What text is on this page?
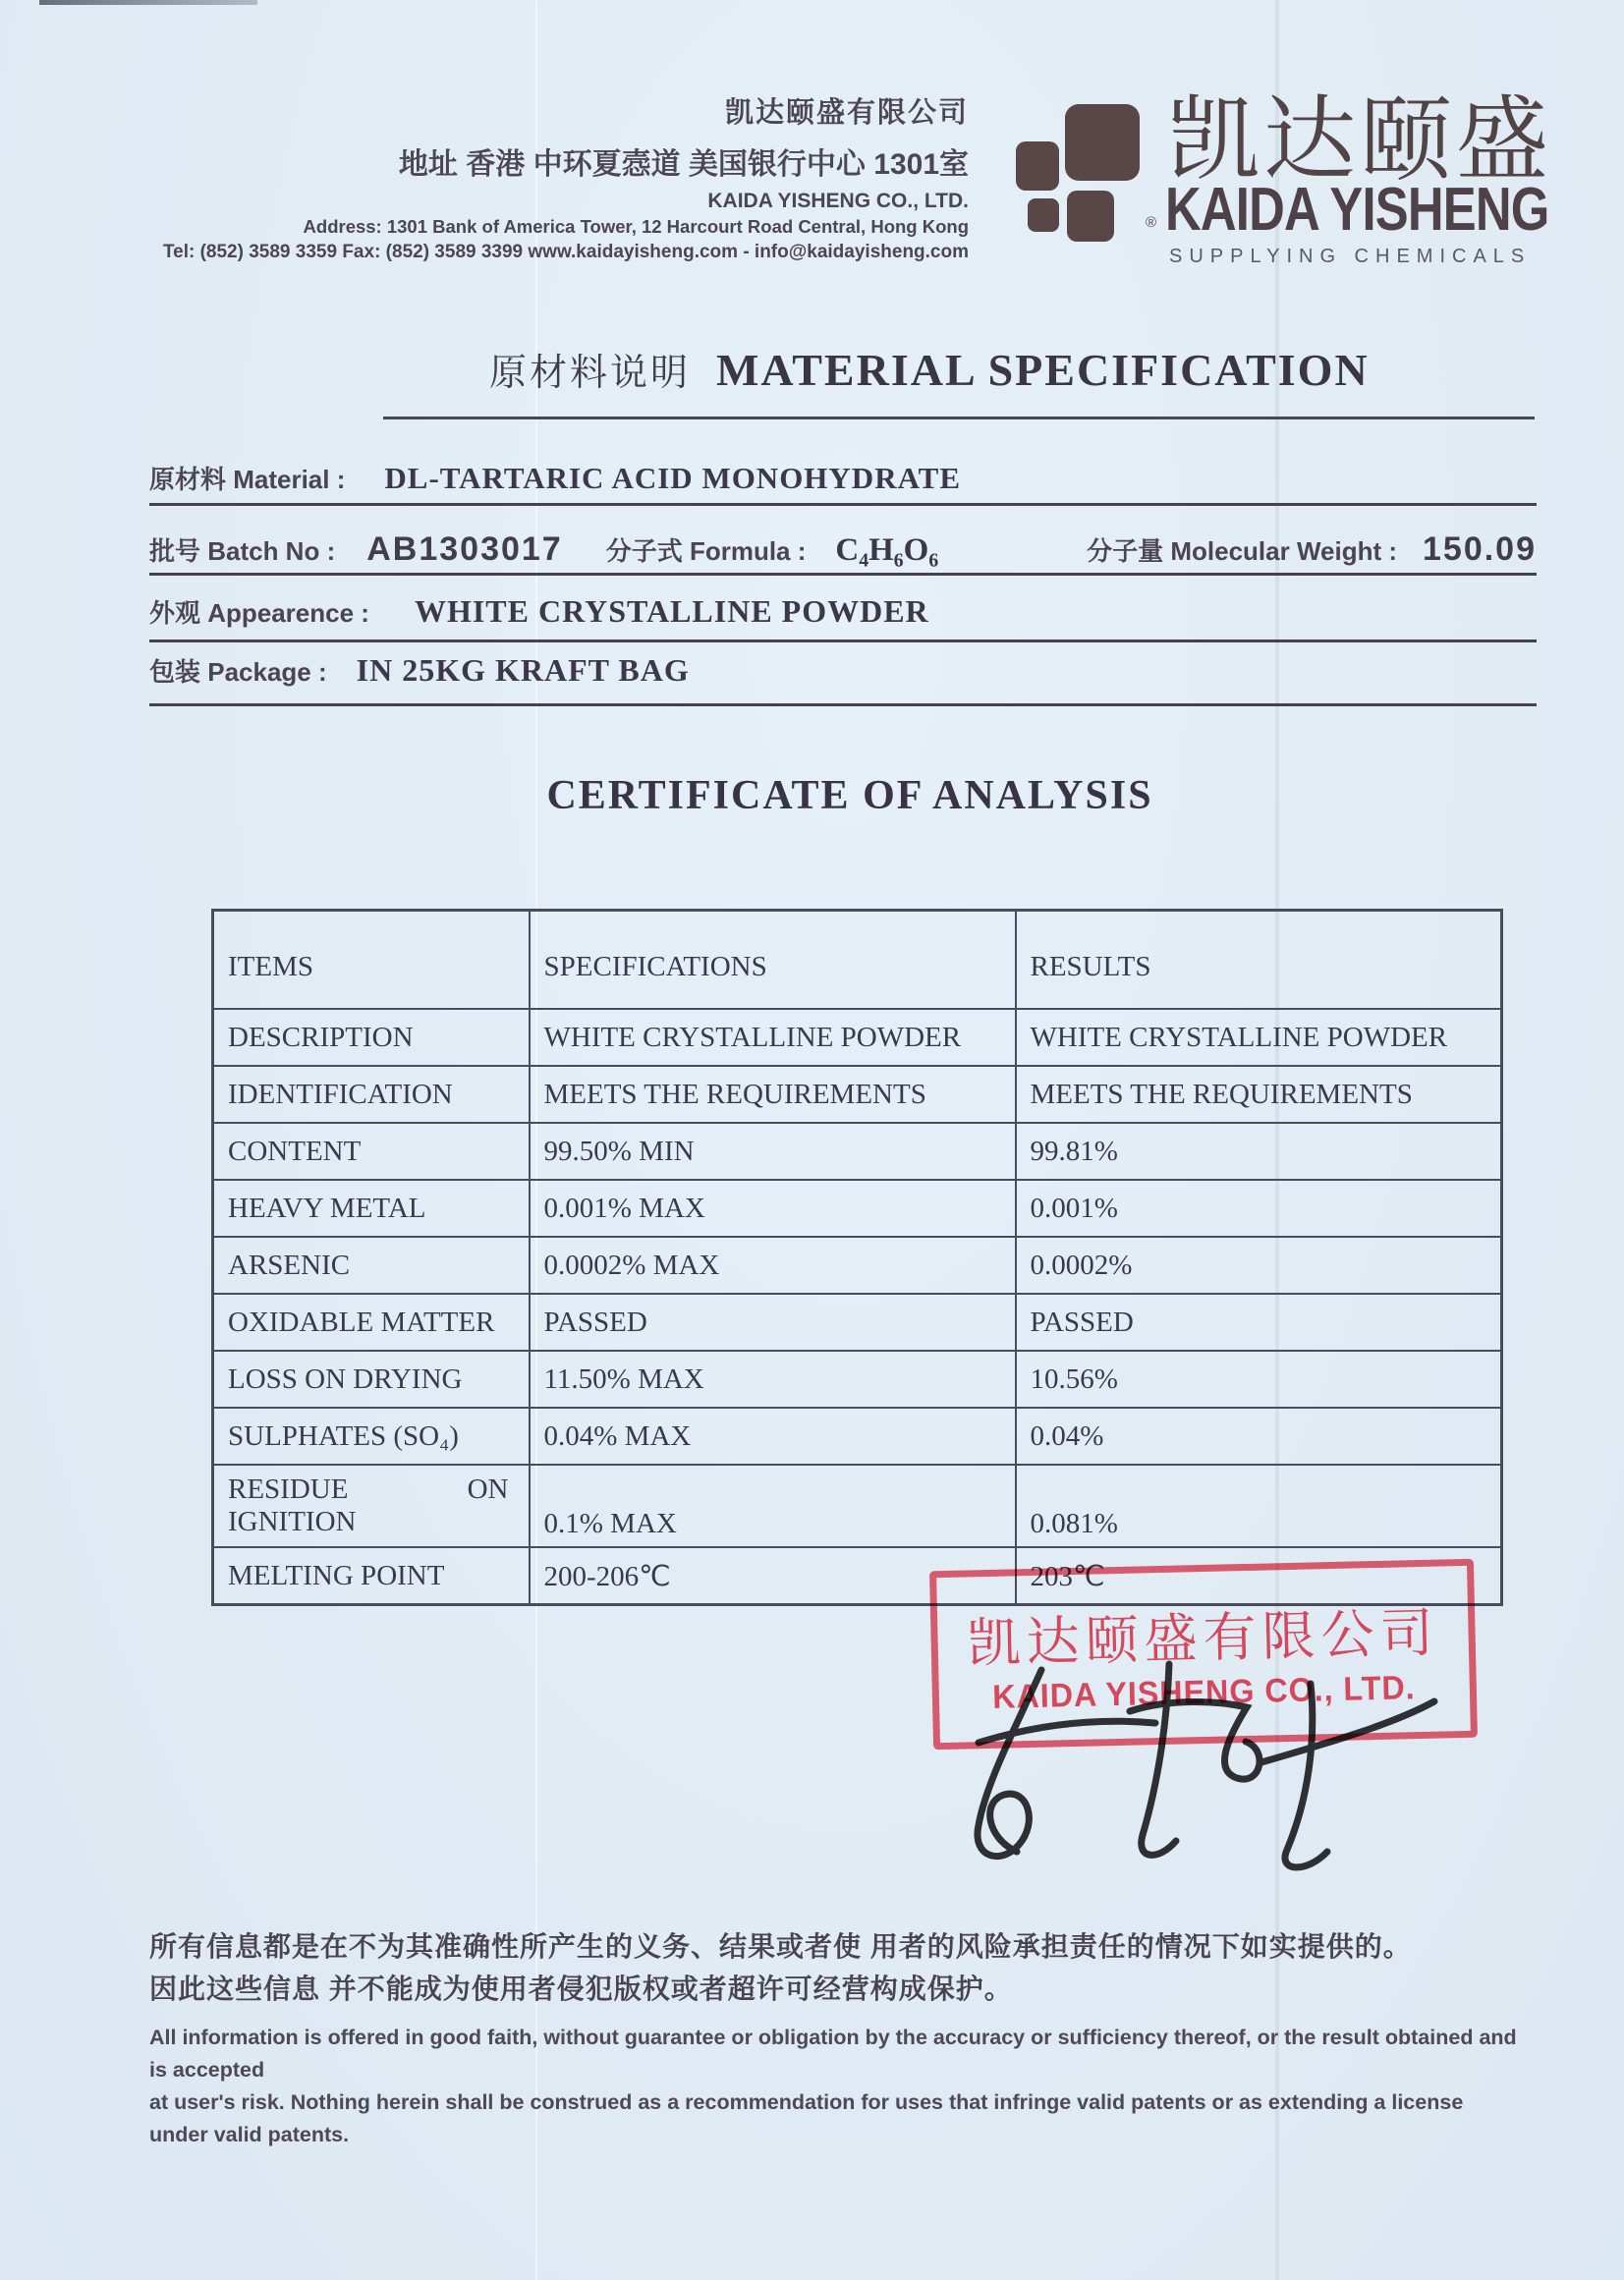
凯达颐盛有限公司
地址 香港 中环夏悫道 美国银行中心 1301室
KAIDA YISHENG CO., LTD.
Address: 1301 Bank of America Tower, 12 Harcourt Road Central, Hong Kong
Tel: (852) 3589 3359 Fax: (852) 3589 3399 www.kaidayisheng.com - info@kaidayisheng.com
®
凯达颐盛
KAIDA YISHENG
SUPPLYING CHEMICALS
原材料说明 MATERIAL SPECIFICATION
原材料 Material : DL-TARTARIC ACID MONOHYDRATE
批号 Batch No : AB1303017 分子式 Formula : C₄H₆O₆	分子量 Molecular Weight : 150.09
外观 Appearence : WHITE CRYSTALLINE POWDER
包装 Package : IN 25KG KRAFT BAG
CERTIFICATE OF ANALYSIS
ITEMS	SPECIFICATIONS	RESULTS
DESCRIPTION	WHITE CRYSTALLINE POWDER	WHITE CRYSTALLINE POWDER
IDENTIFICATION	MEETS THE REQUIREMENTS	MEETS THE REQUIREMENTS
CONTENT	99.50% MIN	99.81%
HEAVY METAL	0.001% MAX	0.001%
ARSENIC	0.0002% MAX	0.0002%
OXIDABLE MATTER	PASSED	PASSED
LOSS ON DRYING	11.50% MAX	10.56%
SULPHATES (SO₄)	0.04% MAX	0.04%

RESIDUE ON
IGNITION	0.1% MAX	0.081%
MELTING POINT	200-206℃	203℃
凯达颐盛有限公司
KAIDA YISHENG CO., LTD.
所有信息都是在不为其准确性所产生的义务、结果或者使 用者的风险承担责任的情况下如实提供的。
因此这些信息 并不能成为使用者侵犯版权或者超许可经营构成保护。
All information is offered in good faith, without guarantee or obligation by the accuracy or sufficiency thereof, or the result obtained and is accepted
at user's risk. Nothing herein shall be construed as a recommendation for uses that infringe valid patents or as extending a license under valid patents.
